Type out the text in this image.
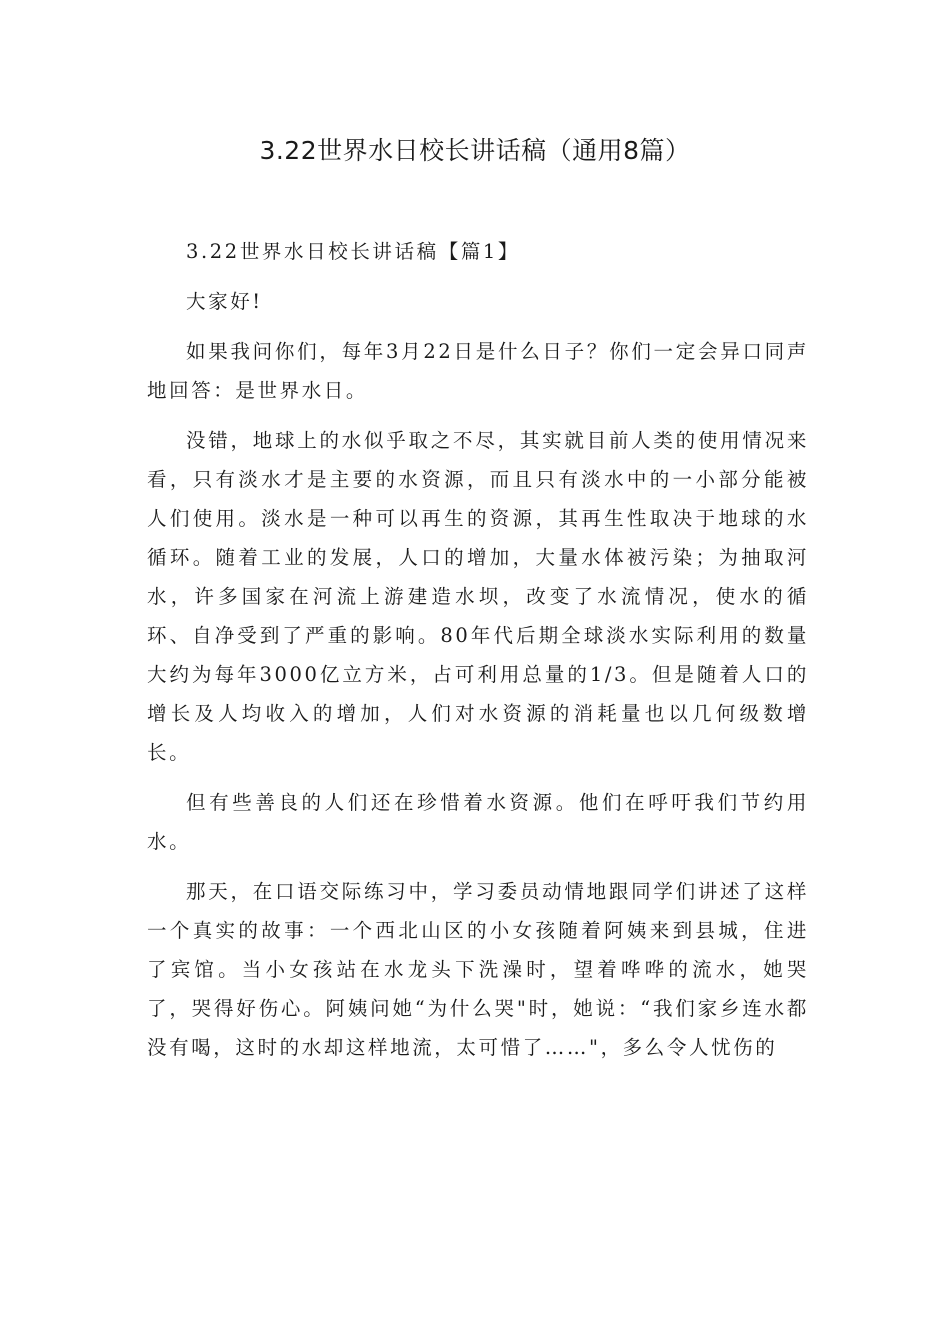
3.22世界水日校长讲话稿（通用8篇）

3.22世界水日校长讲话稿【篇1】

大家好!

如果我问你们，每年3月22日是什么日子？你们一定会异口同声地回答：是世界水日。

没错，地球上的水似乎取之不尽，其实就目前人类的使用情况来看，只有淡水才是主要的水资源，而且只有淡水中的一小部分能被人们使用。淡水是一种可以再生的资源，其再生性取决于地球的水循环。随着工业的发展，人口的增加，大量水体被污染；为抽取河水，许多国家在河流上游建造水坝，改变了水流情况，使水的循环、自净受到了严重的影响。80年代后期全球淡水实际利用的数量大约为每年3000亿立方米，占可利用总量的1/3。但是随着人口的增长及人均收入的增加，人们对水资源的消耗量也以几何级数增长。

但有些善良的人们还在珍惜着水资源。他们在呼吁我们节约用水。

那天，在口语交际练习中，学习委员动情地跟同学们讲述了这样一个真实的故事：一个西北山区的小女孩随着阿姨来到县城，住进了宾馆。当小女孩站在水龙头下洗澡时，望着哗哗的流水，她哭了，哭得好伤心。阿姨问她“为什么哭"时，她说：“我们家乡连水都没有喝，这时的水却这样地流，太可惜了……"，多么令人忧伤的
